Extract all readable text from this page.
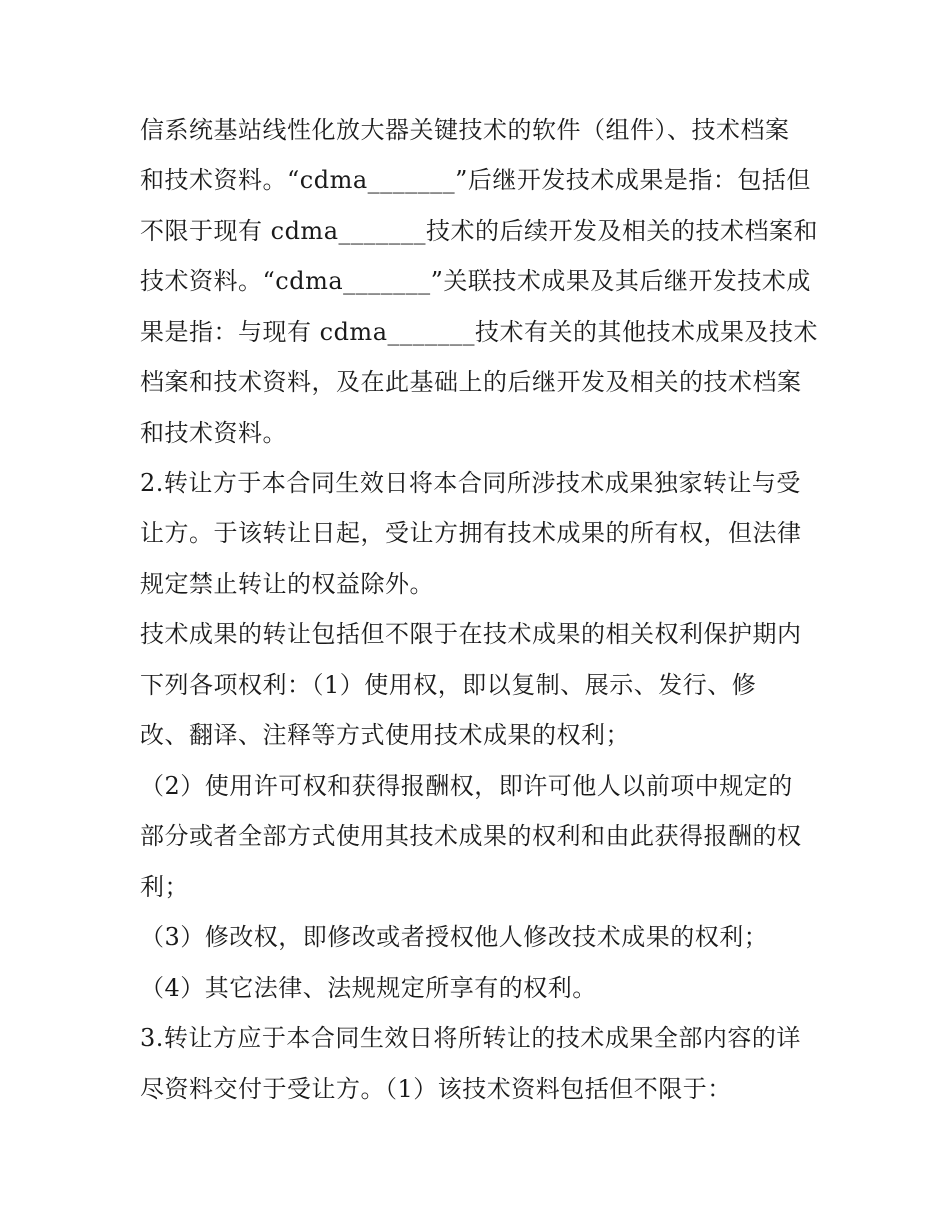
信系统基站线性化放大器关键技术的软件（组件）、技术档案
和技术资料。“cdma_______”后继开发技术成果是指：包括但
不限于现有 cdma_______技术的后续开发及相关的技术档案和
技术资料。“cdma_______”关联技术成果及其后继开发技术成
果是指：与现有 cdma_______技术有关的其他技术成果及技术
档案和技术资料，及在此基础上的后继开发及相关的技术档案
和技术资料。
2.转让方于本合同生效日将本合同所涉技术成果独家转让与受
让方。于该转让日起，受让方拥有技术成果的所有权，但法律
规定禁止转让的权益除外。
技术成果的转让包括但不限于在技术成果的相关权利保护期内
下列各项权利：（1）使用权，即以复制、展示、发行、修
改、翻译、注释等方式使用技术成果的权利；
（2）使用许可权和获得报酬权，即许可他人以前项中规定的
部分或者全部方式使用其技术成果的权利和由此获得报酬的权
利；
（3）修改权，即修改或者授权他人修改技术成果的权利；
（4）其它法律、法规规定所享有的权利。
3.转让方应于本合同生效日将所转让的技术成果全部内容的详
尽资料交付于受让方。（1）该技术资料包括但不限于：
